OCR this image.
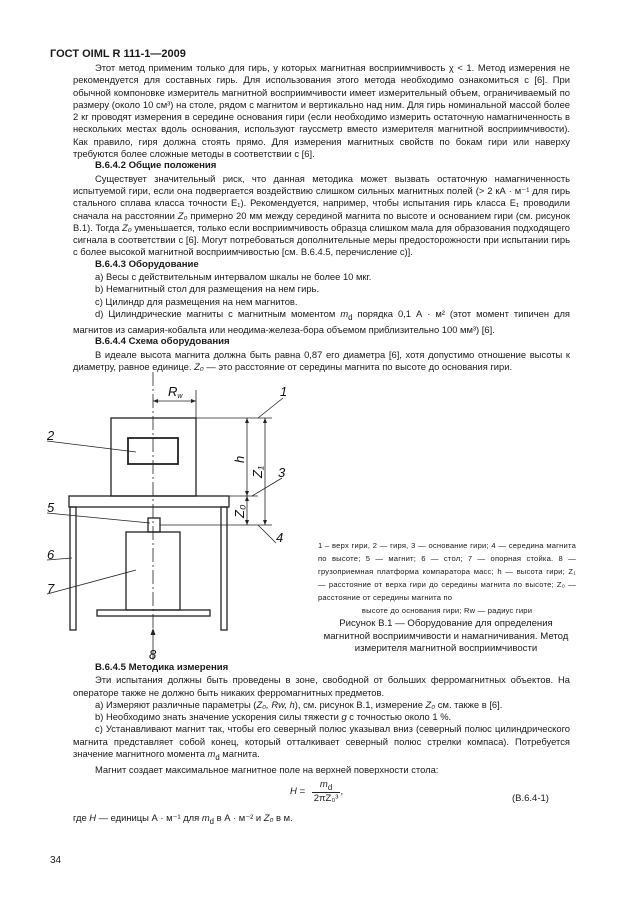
ГОСТ OIML R 111-1—2009

Этот метод применим только для гирь, у которых магнитная восприимчивость χ < 1. Метод измерения не рекомендуется для составных гирь. Для использования этого метода необходимо ознакомиться с [6]. При обычной компоновке измеритель магнитной восприимчивости имеет измерительный объем, ограничиваемый по размеру (около 10 см³) на столе, рядом с магнитом и вертикально над ним. Для гирь номинальной массой более 2 кг проводят измерения в середине основания гири (если необходимо измерить остаточную намагниченность в нескольких местах вдоль основания, используют гауссметр вместо измерителя магнитной восприимчивости). Как правило, гиря должна стоять прямо. Для измерения магнитных свойств по бокам гири или наверху требуются более сложные методы в соответствии с [6].

В.6.4.2 Общие положения

Существует значительный риск, что данная методика может вызвать остаточную намагниченность испытуемой гири, если она подвергается воздействию слишком сильных магнитных полей (> 2 кА · м⁻¹ для гирь стального сплава класса точности E₁). Рекомендуется, например, чтобы испытания гирь класса E₁ проводили сначала на расстоянии Z₀ примерно 20 мм между серединой магнита по высоте и основанием гири (см. рисунок В.1). Тогда Z₀ уменьшается, только если восприимчивость образца слишком мала для образования подходящего сигнала в соответствии с [6]. Могут потребоваться дополнительные меры предосторожности при испытании гирь с более высокой магнитной восприимчивостью [см. В.6.4.5, перечисление с)].

В.6.4.3 Оборудование

a) Весы с действительным интервалом шкалы не более 10 мкг.

b) Немагнитный стол для размещения на нем гирь.

c) Цилиндр для размещения на нем магнитов.

d) Цилиндрические магниты с магнитным моментом $m_d$ порядка 0,1 А · м² (этот момент типичен для магнитов из самария-кобальта или неодима-железа-бора объемом приблизительно 100 мм³) [6].

В.6.4.4 Схема оборудования

В идеале высота магнита должна быть равна 0,87 его диаметра [6], хотя допустимо отношение высоты к диаметру, равное единице. Z₀ — это расстояние от середины магнита по высоте до основания гири.

1
2
3
4
5
6
7
8
Rw
h
Z₁
Z₀
1 – верх гири, 2 — гиря, 3 — основание гири; 4 — середина магнита по высоте; 5 — магнит; 6 — стол; 7 — опорная стойка. 8 — грузоприемная платформа компаратора масс; h — высота гири; Z₁ — расстояние от верха гири до середины магнита по высоте; Z₀ — расстояние от середины магнита по
высоте до основания гири; Rw — радиус гири
Рисунок В.1 — Оборудование для определения магнитной восприимчивости и намагничивания. Метод измерителя магнитной восприимчивости
В.6.4.5 Методика измерения

Эти испытания должны быть проведены в зоне, свободной от больших ферромагнитных объектов. На операторе также не должно быть никаких ферромагнитных предметов.

a) Измеряют различные параметры (Z₀, Rw, h), см. рисунок В.1, измерение Z₀ см. также в [6].

b) Необходимо знать значение ускорения силы тяжести g с точностью около 1 %.

c) Устанавливают магнит так, чтобы его северный полюс указывал вниз (северный полюс цилиндрического магнита представляет собой конец, который отталкивает северный полюс стрелки компаса). Потребуется значение магнитного момента $m_d$ магнита.

Магнит создает максимальное магнитное поле на верхней поверхности стола:

$H = \frac{m_d}{\text{2πZ₀³}}$ ,
(В.6.4-1)

где H — единицы А · м⁻¹ для $m_d$ в А · м⁻² и Z₀ в м.

34
